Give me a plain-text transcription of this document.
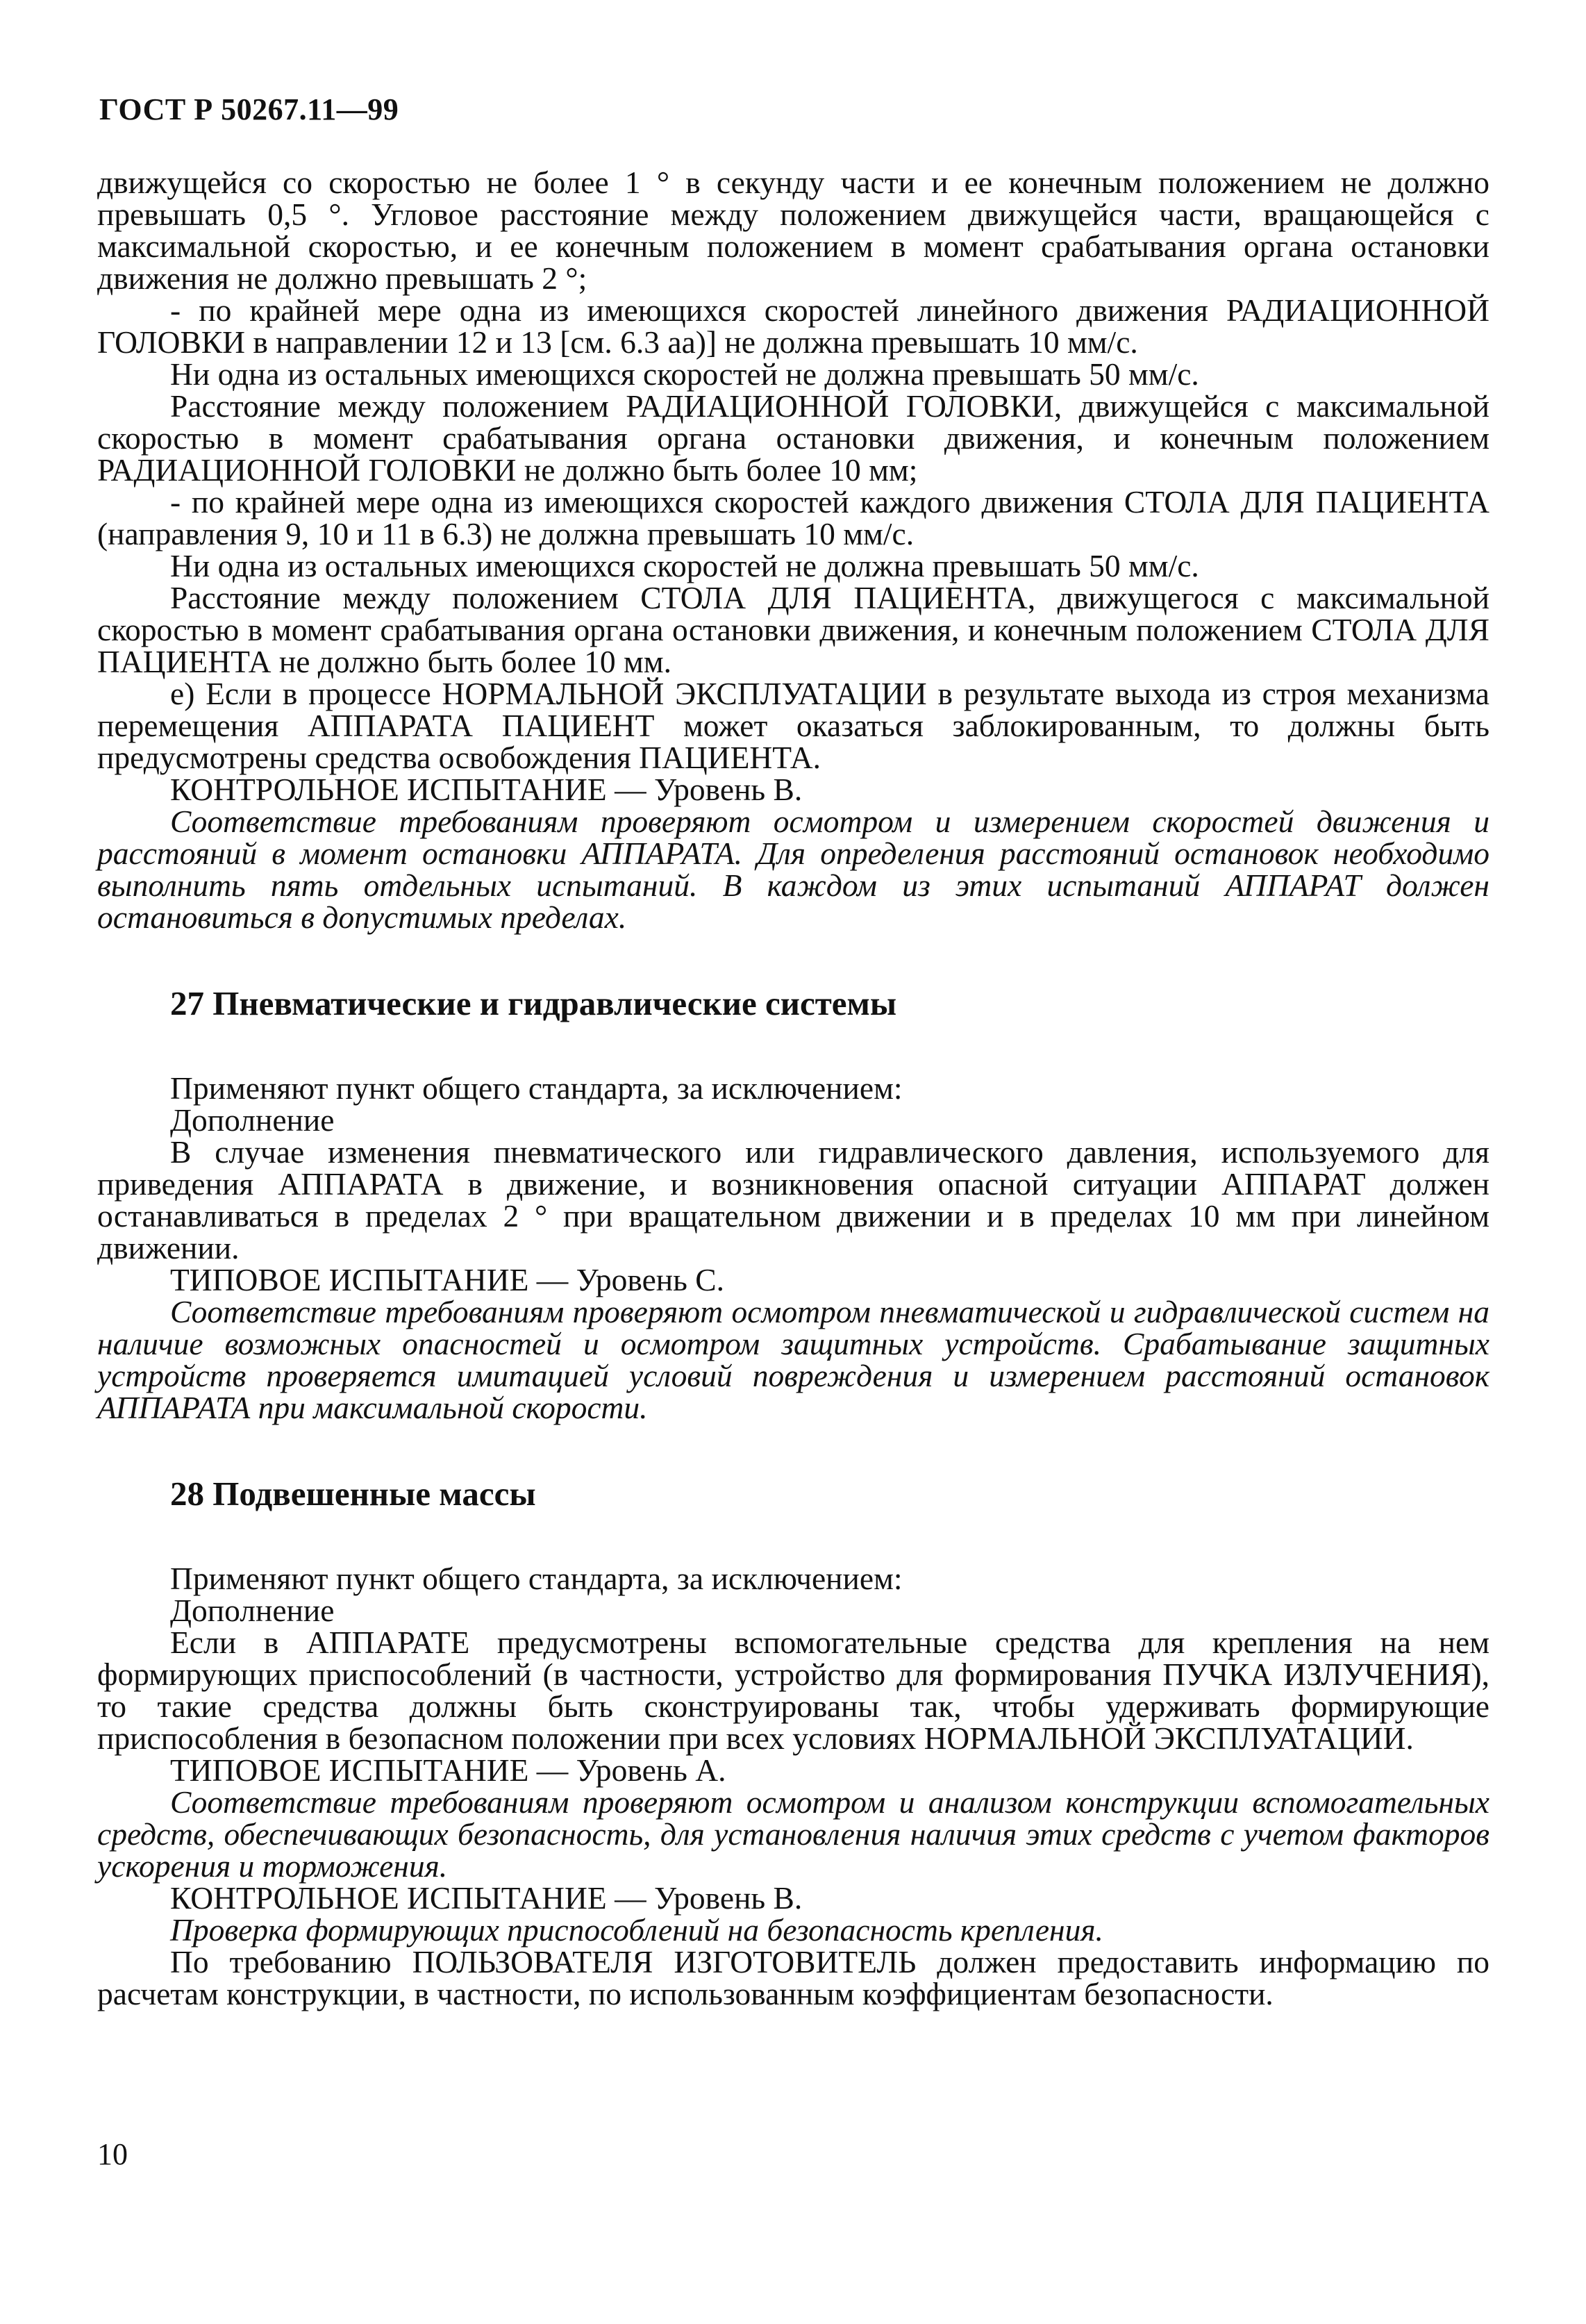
ГОСТ Р 50267.11—99

движущейся со скоростью не более 1 ° в секунду части и ее конечным положением не должно превышать 0,5 °. Угловое расстояние между положением движущейся части, вращающейся с максимальной скоростью, и ее конечным положением в момент срабатывания органа остановки движения не должно превышать 2 °;

- по крайней мере одна из имеющихся скоростей линейного движения РАДИАЦИОННОЙ ГОЛОВКИ в направлении 12 и 13 [см. 6.3 аа)] не должна превышать 10 мм/с.

Ни одна из остальных имеющихся скоростей не должна превышать 50 мм/с.

Расстояние между положением РАДИАЦИОННОЙ ГОЛОВКИ, движущейся с максимальной скоростью в момент срабатывания органа остановки движения, и конечным положением РАДИАЦИОННОЙ ГОЛОВКИ не должно быть более 10 мм;

- по крайней мере одна из имеющихся скоростей каждого движения СТОЛА ДЛЯ ПАЦИЕНТА (направления 9, 10 и 11 в 6.3) не должна превышать 10 мм/с.

Ни одна из остальных имеющихся скоростей не должна превышать 50 мм/с.

Расстояние между положением СТОЛА ДЛЯ ПАЦИЕНТА, движущегося с максимальной скоростью в момент срабатывания органа остановки движения, и конечным положением СТОЛА ДЛЯ ПАЦИЕНТА не должно быть более 10 мм.

е) Если в процессе НОРМАЛЬНОЙ ЭКСПЛУАТАЦИИ в результате выхода из строя механизма перемещения АППАРАТА ПАЦИЕНТ может оказаться заблокированным, то должны быть предусмотрены средства освобождения ПАЦИЕНТА.

КОНТРОЛЬНОЕ ИСПЫТАНИЕ — Уровень В.

Соответствие требованиям проверяют осмотром и измерением скоростей движения и расстояний в момент остановки АППАРАТА. Для определения расстояний остановок необходимо выполнить пять отдельных испытаний. В каждом из этих испытаний АППАРАТ должен остановиться в допустимых пределах.

27 Пневматические и гидравлические системы

Применяют пункт общего стандарта, за исключением:

Дополнение

В случае изменения пневматического или гидравлического давления, используемого для приведения АППАРАТА в движение, и возникновения опасной ситуации АППАРАТ должен останавливаться в пределах 2 ° при вращательном движении и в пределах 10 мм при линейном движении.

ТИПОВОЕ ИСПЫТАНИЕ — Уровень С.

Соответствие требованиям проверяют осмотром пневматической и гидравлической систем на наличие возможных опасностей и осмотром защитных устройств. Срабатывание защитных устройств проверяется имитацией условий повреждения и измерением расстояний остановок АППАРАТА при максимальной скорости.

28 Подвешенные массы

Применяют пункт общего стандарта, за исключением:

Дополнение

Если в АППАРАТЕ предусмотрены вспомогательные средства для крепления на нем формирующих приспособлений (в частности, устройство для формирования ПУЧКА ИЗЛУЧЕНИЯ), то такие средства должны быть сконструированы так, чтобы удерживать формирующие приспособления в безопасном положении при всех условиях НОРМАЛЬНОЙ ЭКСПЛУАТАЦИИ.

ТИПОВОЕ ИСПЫТАНИЕ — Уровень А.

Соответствие требованиям проверяют осмотром и анализом конструкции вспомогательных средств, обеспечивающих безопасность, для установления наличия этих средств с учетом факторов ускорения и торможения.

КОНТРОЛЬНОЕ ИСПЫТАНИЕ — Уровень В.

Проверка формирующих приспособлений на безопасность крепления.

По требованию ПОЛЬЗОВАТЕЛЯ ИЗГОТОВИТЕЛЬ должен предоставить информацию по расчетам конструкции, в частности, по использованным коэффициентам безопасности.

10
